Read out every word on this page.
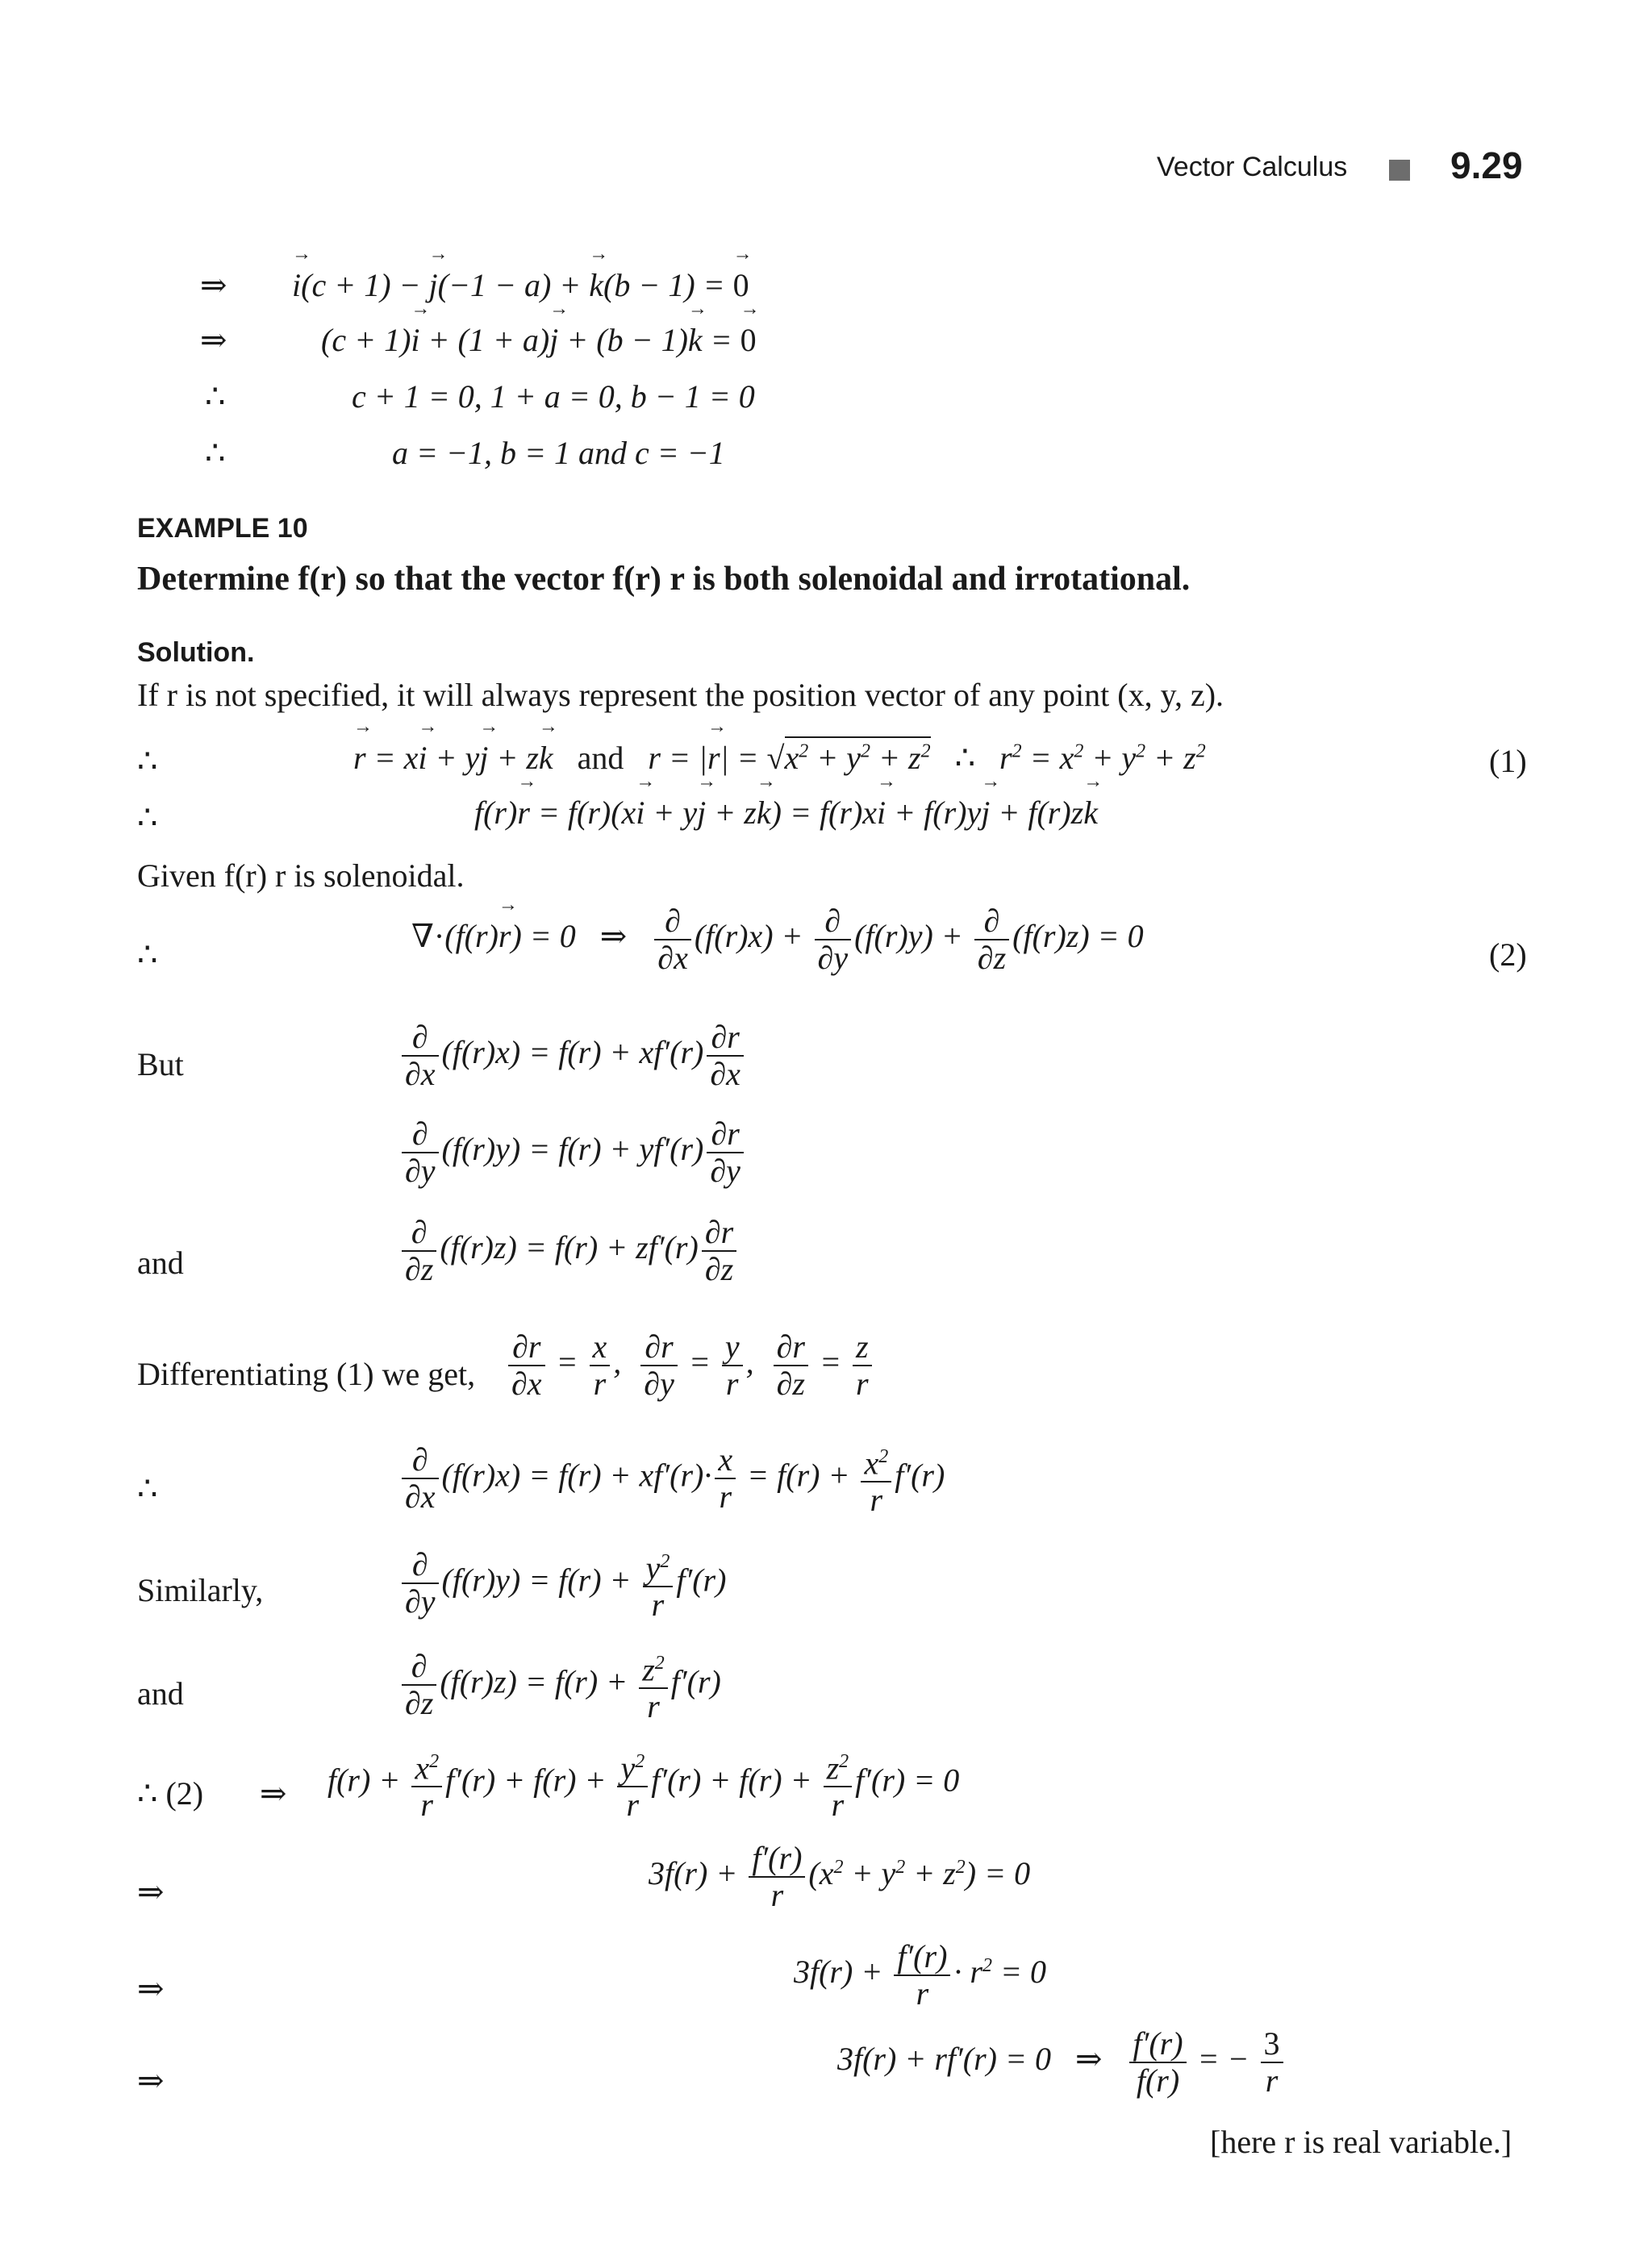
Vector Calculus	9.29
⇒ → i(c + 1) − → j(−1 − a) + → k(b − 1) = → 0
⇒	(c + 1)→ i + (1 + a)→ j + (b − 1)→ k = → 0
∴	c + 1 = 0, 1 + a = 0, b − 1 = 0
∴	a = −1, b = 1 and c = −1
EXAMPLE 10
Determine f(r) so that the vector f(r) r is both solenoidal and irrotational.
Solution.
If r is not specified, it will always represent the position vector of any point (x, y, z).
∴	→ r = x→ i + y→ j + z→ k   and   r = |→ $r| = √x^2 + y^2 + z^2$   ∴   $r^2 = x^2 + y^2 + z^2$	(1)
∴	f(r)→ r = f(r)(x→ i + y→ j + z→ k) = f(r)x→ i + f(r)y→ j + f(r)z→ k
Given f(r) r is solenoidal.
∴
∇·(f(r)→ r) = 0   ⇒ $\frac{\partial}{\partial x} (f(r)x) + \frac{\partial}{\partial y} (f(r)y) + \frac{\partial}{\partial z} (f(r)z) = 0$
(2)
But	$\frac{\partial}{\partial x} (f(r)x) = f(r) + xf'(r) \frac{\partial r}{\partial x}$
$\frac{\partial}{\partial y} (f(r)y) = f(r) + yf'(r) \frac{\partial r}{\partial y}$
and	$\frac{\partial}{\partial z} (f(r)z) = f(r) + zf'(r) \frac{\partial r}{\partial z}$
Differentiating (1) we get, $\frac{\partial r}{\partial x} = \frac{x}{r}$ , $\frac{\partial r}{\partial y} = \frac{y}{r}$ , $\frac{\partial r}{\partial z} = \frac{z}{r}$
∴	$\frac{\partial}{\partial x} (f(r)x) = f(r) + xf'(r)\cdot \frac{x}{r} = f(r) + \frac{x^2}{r} f'(r)$
Similarly,	$\frac{\partial}{\partial y} (f(r)y) = f(r) + \frac{y^2}{r} f'(r)$
and	$\frac{\partial}{\partial z} (f(r)z) = f(r) + \frac{z^2}{r} f'(r)$
∴ (2) ⇒ $f(r) + \frac{x^2}{r} f'(r) + f(r) + \frac{y^2}{r} f'(r) + f(r) + \frac{z^2}{r} f'(r) = 0$
⇒
$3f(r) + \frac{f'(r)}{r} (x^2 + y^2 + z^2) = 0$
⇒	$3f(r) + \frac{f'(r)}{r} \cdot r^2 = 0$
⇒
3f(r) + rf′(r) = 0   ⇒ $\frac{f'(r)}{f(r)}$ = − $\frac{3}{r}$
[here r is real variable.]
